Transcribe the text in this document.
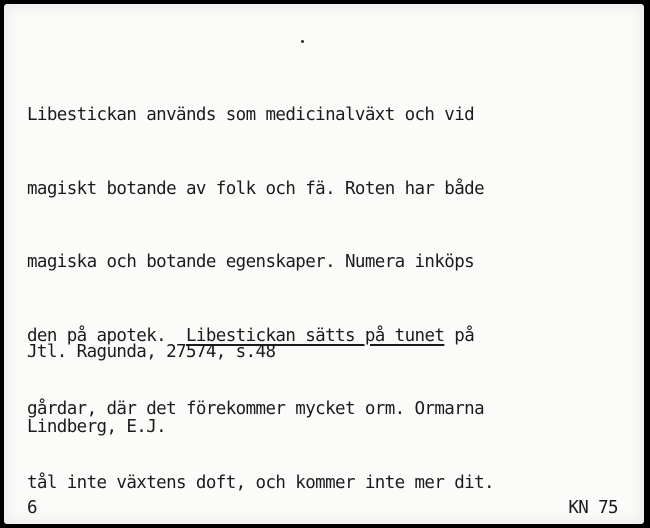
Libestickan används som medicinalväxt och vid

magiskt botande av folk och fä. Roten har både

magiska och botande egenskaper. Numera inköps

den på apotek.  Libestickan sätts på tunet på

gårdar, där det förekommer mycket orm. Ormarna

tål inte växtens doft, och kommer inte mer dit.

Jtl. Ragunda, 27574, s.48

Lindberg, E.J.

6	KN 75
